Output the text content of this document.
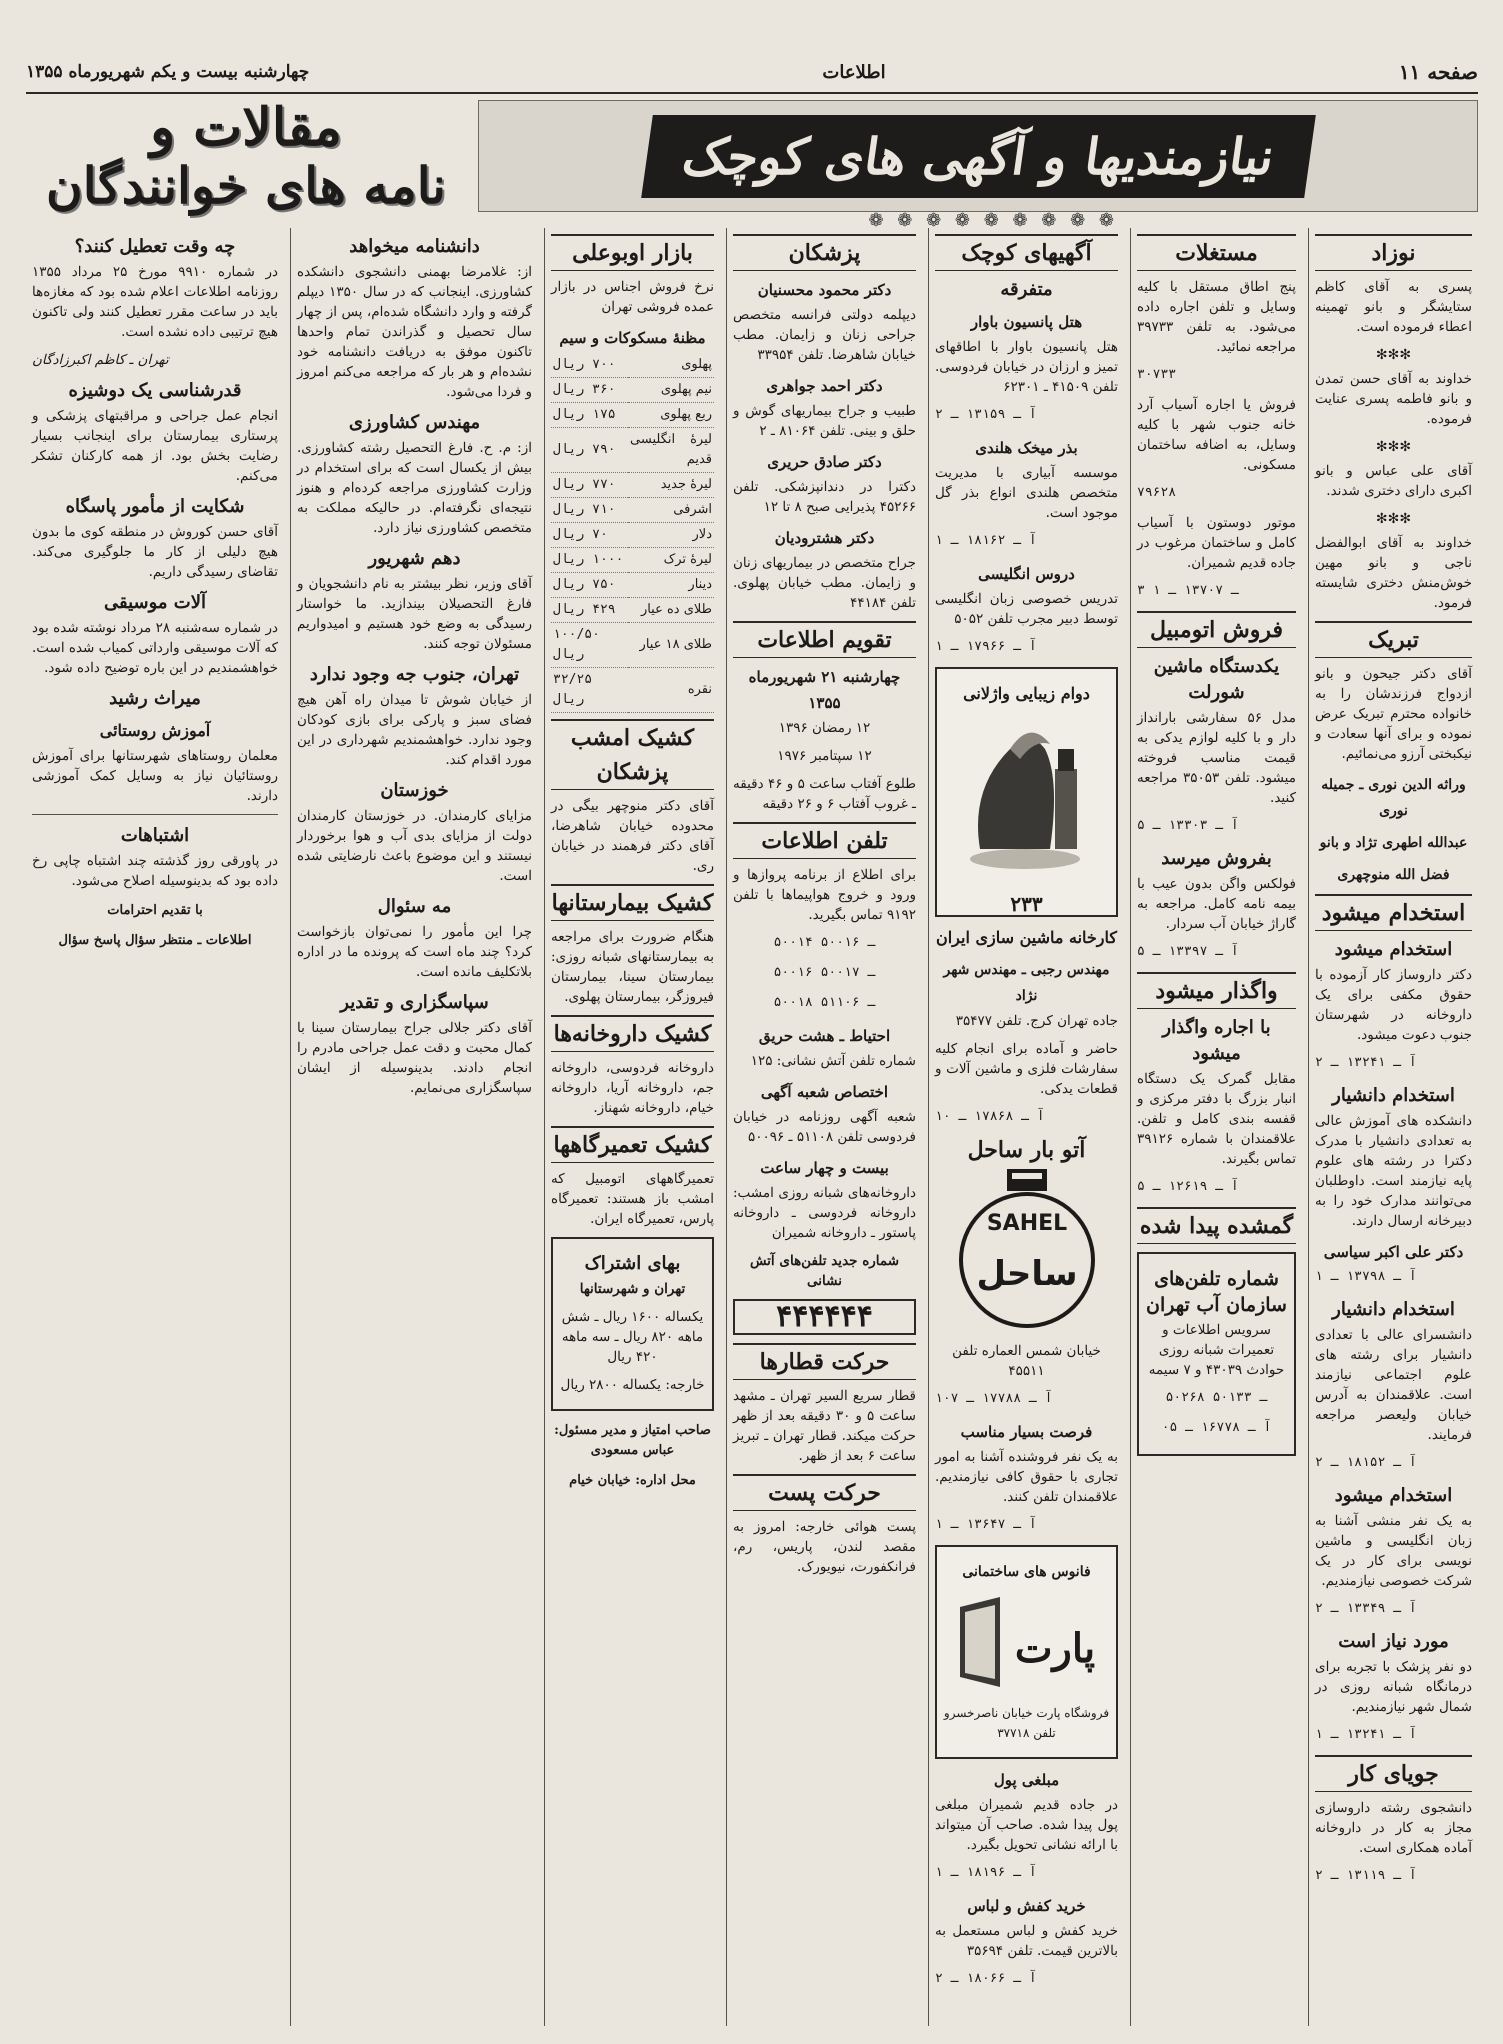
صفحه ۱۱
اطلاعات
چهارشنبه بیست و یکم شهریورماه ۱۳۵۵
نیازمندیها و آگهی های کوچک
❁ ❁ ❁ ❁ ❁ ❁ ❁ ❁ ❁
مقالات و
نامه های خوانندگان
نوزاد
پسری به آقای کاظم ستایشگر و بانو تهمینه اعطاء فرموده است.
✻✻✻
خداوند به آقای حسن تمدن و بانو فاطمه پسری عنایت فرموده.
✻✻✻
آقای علی عباس و بانو اکبری دارای دختری شدند.
✻✻✻
خداوند به آقای ابوالفضل ناجی و بانو مهین خوش‌منش دختری شایسته فرمود.
تبریک
آقای دکتر جیحون و بانو ازدواج فرزندشان را به خانواده محترم تبریک عرض نموده و برای آنها سعادت و نیکبختی آرزو می‌نمائیم.
وراثه الدین نوری ـ جمیله نوری
عبدالله اطهری تژاد و بانو
فضل الله منوچهری
استخدام میشود
استخدام میشود
دکتر داروساز کار آزموده با حقوق مکفی برای یک داروخانه در شهرستان جنوب دعوت میشود.
آ ـ ۱۳۲۴۱ ـ ۲
استخدام دانشیار
دانشکده های آموزش عالی به تعدادی دانشیار با مدرک دکترا در رشته های علوم پایه نیازمند است. داوطلبان می‌توانند مدارک خود را به دبیرخانه ارسال دارند.
دکتر علی اکبر سیاسی
آ ـ ۱۳۷۹۸ ـ ۱
استخدام دانشیار
دانشسرای عالی با تعدادی دانشیار برای رشته های علوم اجتماعی نیازمند است. علاقمندان به آدرس خیابان ولیعصر مراجعه فرمایند.
آ ـ ۱۸۱۵۲ ـ ۲
استخدام میشود
به یک نفر منشی آشنا به زبان انگلیسی و ماشین نویسی برای کار در یک شرکت خصوصی نیازمندیم.
آ ـ ۱۳۳۴۹ ـ ۲
مورد نیاز است
دو نفر پزشک با تجربه برای درمانگاه شبانه روزی در شمال شهر نیازمندیم.
آ ـ ۱۳۲۴۱ ـ ۱
جویای کار
دانشجوی رشته داروسازی مجاز به کار در داروخانه آماده همکاری است.
آ ـ ۱۳۱۱۹ ـ ۲
مستغلات
پنج اطاق مستقل با کلیه وسایل و تلفن اجاره داده می‌شود. به تلفن ۳۹۷۳۳ مراجعه نمائید.
۳۰۷۳۳
فروش یا اجاره آسیاب آرد خانه جنوب شهر با کلیه وسایل، به اضافه ساختمان مسکونی.
۷۹۶۲۸
موتور دوستون با آسیاب کامل و ساختمان مرغوب در جاده قدیم شمیران.
۳ ـ ۱۳۷۰۷ ـ ۱
فروش اتومبیل
یکدستگاه ماشین شورلت
مدل ۵۶ سفارشی بارانداز دار و با کلیه لوازم یدکی به قیمت مناسب فروخته میشود. تلفن ۳۵۰۵۳ مراجعه کنید.
آ ـ ۱۳۳۰۳ ـ ۵
بفروش میرسد
فولکس واگن بدون عیب با بیمه نامه کامل. مراجعه به گاراژ خیابان آب سردار.
آ ـ ۱۳۳۹۷ ـ ۵
واگذار میشود
با اجاره واگذار میشود
مقابل گمرک یک دستگاه انبار بزرگ با دفتر مرکزی و قفسه بندی کامل و تلفن. علاقمندان با شماره ۳۹۱۲۶ تماس بگیرند.
آ ـ ۱۲۶۱۹ ـ ۵
گمشده پیدا شده
شماره تلفن‌های سازمان آب تهران
سرویس اطلاعات و تعمیرات شبانه روزی حوادث ۴۳۰۳۹ و ۷ سیمه
۵۰۲۶۸ ـ ۵۰۱۳۳
آ ـ ۱۶۷۷۸ ـ ۰۵
آگهیهای کوچک
متفرقه
هتل پانسیون باوار
هتل پانسیون باوار با اطاقهای تمیز و ارزان در خیابان فردوسی. تلفن ۴۱۵۰۹ ـ ۶۲۳۰۱
آ ـ ۱۳۱۵۹ ـ ۲
بذر میخک هلندی
موسسه آبیاری با مدیریت متخصص هلندی انواع بذر گل موجود است.
آ ـ ۱۸۱۶۲ ـ ۱
دروس انگلیسی
تدریس خصوصی زبان انگلیسی توسط دبیر مجرب تلفن ۵۰۵۲
آ ـ ۱۷۹۶۶ ـ ۱
دوام زیبایی واژلانی
۲۳۳
کارخانه ماشین سازی ایران
مهندس رجبی ـ مهندس شهر نژاد
جاده تهران کرج. تلفن ۳۵۴۷۷
حاضر و آماده برای انجام کلیه سفارشات فلزی و ماشین آلات و قطعات یدکی.
آ ـ ۱۷۸۶۸ ـ ۱۰
آتو بار ساحل
SAHEL
ساحل
خیابان شمس العماره تلفن ۴۵۵۱۱
آ ـ ۱۷۷۸۸ ـ ۱۰۷
فرصت بسیار مناسب
به یک نفر فروشنده آشنا به امور تجاری با حقوق کافی نیازمندیم. علاقمندان تلفن کنند.
آ ـ ۱۳۶۴۷ ـ ۱
فانوس های ساختمانی
پارت
فروشگاه پارت خیابان ناصرخسرو تلفن ۳۷۷۱۸
مبلغی پول
در جاده قدیم شمیران مبلغی پول پیدا شده. صاحب آن میتواند با ارائه نشانی تحویل بگیرد.
آ ـ ۱۸۱۹۶ ـ ۱
خرید کفش و لباس
خرید کفش و لباس مستعمل به بالاترین قیمت. تلفن ۳۵۶۹۴
آ ـ ۱۸۰۶۶ ـ ۲
پزشکان
دکتر محمود محسنیان
دیپلمه دولتی فرانسه متخصص جراحی زنان و زایمان. مطب خیابان شاهرضا. تلفن ۳۳۹۵۴
دکتر احمد جواهری
طبیب و جراح بیماریهای گوش و حلق و بینی. تلفن ۸۱۰۶۴ ـ ۲
دکتر صادق حریری
دکترا در دندانپزشکی. تلفن ۴۵۲۶۶ پذیرایی صبح ۸ تا ۱۲
دکتر هشترودیان
جراح متخصص در بیماریهای زنان و زایمان. مطب خیابان پهلوی. تلفن ۴۴۱۸۴
تقویم اطلاعات
چهارشنبه ۲۱ شهریورماه ۱۳۵۵
۱۲ رمضان ۱۳۹۶
۱۲ سپتامبر ۱۹۷۶
طلوع آفتاب ساعت ۵ و ۴۶ دقیقه ـ غروب آفتاب ۶ و ۲۶ دقیقه
تلفن اطلاعات
برای اطلاع از برنامه پروازها و ورود و خروج هواپیماها با تلفن ۹۱۹۲ تماس بگیرید.
۵۰۰۱۴ ـ ۵۰۰۱۶
۵۰۰۱۶ ـ ۵۰۰۱۷
۵۰۰۱۸ ـ ۵۱۱۰۶
احتیاط ـ هشت حریق
شماره تلفن آتش نشانی: ۱۲۵
اختصاص شعبه آگهی
شعبه آگهی روزنامه در خیابان فردوسی تلفن ۵۱۱۰۸ ـ ۵۰۰۹۶
بیست و چهار ساعت
داروخانه‌های شبانه روزی امشب: داروخانه فردوسی ـ داروخانه پاستور ـ داروخانه شمیران
شماره جدید تلفن‌های آتش نشانی
۴۴۴۴۴۴
حرکت قطارها
قطار سریع السیر تهران ـ مشهد ساعت ۵ و ۳۰ دقیقه بعد از ظهر حرکت میکند. قطار تهران ـ تبریز ساعت ۶ بعد از ظهر.
حرکت پست
پست هوائی خارجه: امروز به مقصد لندن، پاریس، رم، فرانکفورت، نیویورک.
بازار اوبوعلی
نرخ فروش اجناس در بازار عمده فروشی تهران
مظنهٔ مسکوکات و سیم
پهلوی	۷۰۰ ریال
نیم پهلوی	۳۶۰ ریال
ربع پهلوی	۱۷۵ ریال
لیرهٔ انگلیسی قدیم	۷۹۰ ریال
لیرهٔ جدید	۷۷۰ ریال
اشرفی	۷۱۰ ریال
دلار	۷۰ ریال
لیرهٔ ترک	۱۰۰۰ ریال
دینار	۷۵۰ ریال
طلای ده عیار	۴۲۹ ریال
طلای ۱۸ عیار	۱۰۰/۵۰ ریال
نقره	۳۲/۲۵ ریال
کشیک امشب پزشکان
آقای دکتر منوچهر بیگی در محدوده خیابان شاهرضا، آقای دکتر فرهمند در خیابان ری.
کشیک بیمارستانها
هنگام ضرورت برای مراجعه به بیمارستانهای شبانه روزی: بیمارستان سینا، بیمارستان فیروزگر، بیمارستان پهلوی.
کشیک داروخانه‌ها
داروخانه فردوسی، داروخانه جم، داروخانه آریا، داروخانه خیام، داروخانه شهناز.
کشیک تعمیرگاهها
تعمیرگاههای اتومبیل که امشب باز هستند: تعمیرگاه پارس، تعمیرگاه ایران.
بهای اشتراک
تهران و شهرستانها
یکساله ۱۶۰۰ ریال ـ شش ماهه ۸۲۰ ریال ـ سه ماهه ۴۲۰ ریال
خارجه: یکساله ۲۸۰۰ ریال
صاحب امتیاز و مدیر مسئول: عباس مسعودی
محل اداره: خیابان خیام
دانشنامه میخواهد
از: غلامرضا بهمنی دانشجوی دانشکده کشاورزی. اینجانب که در سال ۱۳۵۰ دیپلم گرفته و وارد دانشگاه شده‌ام، پس از چهار سال تحصیل و گذراندن تمام واحدها تاکنون موفق به دریافت دانشنامه خود نشده‌ام و هر بار که مراجعه می‌کنم امروز و فردا می‌شود.
مهندس کشاورزی
از: م. ح. فارغ التحصیل رشته کشاورزی. بیش از یکسال است که برای استخدام در وزارت کشاورزی مراجعه کرده‌ام و هنوز نتیجه‌ای نگرفته‌ام. در حالیکه مملکت به متخصص کشاورزی نیاز دارد.
دهم شهریور
آقای وزیر، نظر بیشتر به نام دانشجویان و فارغ التحصیلان بیندازید. ما خواستار رسیدگی به وضع خود هستیم و امیدواریم مسئولان توجه کنند.
تهران، جنوب جه وجود ندارد
از خیابان شوش تا میدان راه آهن هیچ فضای سبز و پارکی برای بازی کودکان وجود ندارد. خواهشمندیم شهرداری در این مورد اقدام کند.
خوزستان
مزایای کارمندان. در خوزستان کارمندان دولت از مزایای بدی آب و هوا برخوردار نیستند و این موضوع باعث نارضایتی شده است.
مه سئوال
چرا این مأمور را نمی‌توان بازخواست کرد؟ چند ماه است که پرونده ما در اداره بلاتکلیف مانده است.
سپاسگزاری و تقدیر
آقای دکتر جلالی جراح بیمارستان سینا با کمال محبت و دقت عمل جراحی مادرم را انجام دادند. بدینوسیله از ایشان سپاسگزاری می‌نمایم.
چه وقت تعطیل کنند؟
در شماره ۹۹۱۰ مورخ ۲۵ مرداد ۱۳۵۵ روزنامه اطلاعات اعلام شده بود که مغازه‌ها باید در ساعت مقرر تعطیل کنند ولی تاکنون هیچ ترتیبی داده نشده است.
تهران ـ کاظم اکبرزادگان
قدرشناسی یک دوشیزه
انجام عمل جراحی و مراقبتهای پزشکی و پرستاری بیمارستان برای اینجانب بسیار رضایت بخش بود. از همه کارکنان تشکر می‌کنم.
شکایت از مأمور پاسگاه
آقای حسن کوروش در منطقه کوی ما بدون هیچ دلیلی از کار ما جلوگیری می‌کند. تقاضای رسیدگی داریم.
آلات موسیقی
در شماره سه‌شنبه ۲۸ مرداد نوشته شده بود که آلات موسیقی وارداتی کمیاب شده است. خواهشمندیم در این باره توضیح داده شود.
میراث رشید
آموزش روستائی
معلمان روستاهای شهرستانها برای آموزش روستائیان نیاز به وسایل کمک آموزشی دارند.
اشتباهات
در پاورقی روز گذشته چند اشتباه چاپی رخ داده بود که بدینوسیله اصلاح می‌شود.
با تقدیم احترامات
اطلاعات ـ منتظر سؤال پاسخ سؤال
